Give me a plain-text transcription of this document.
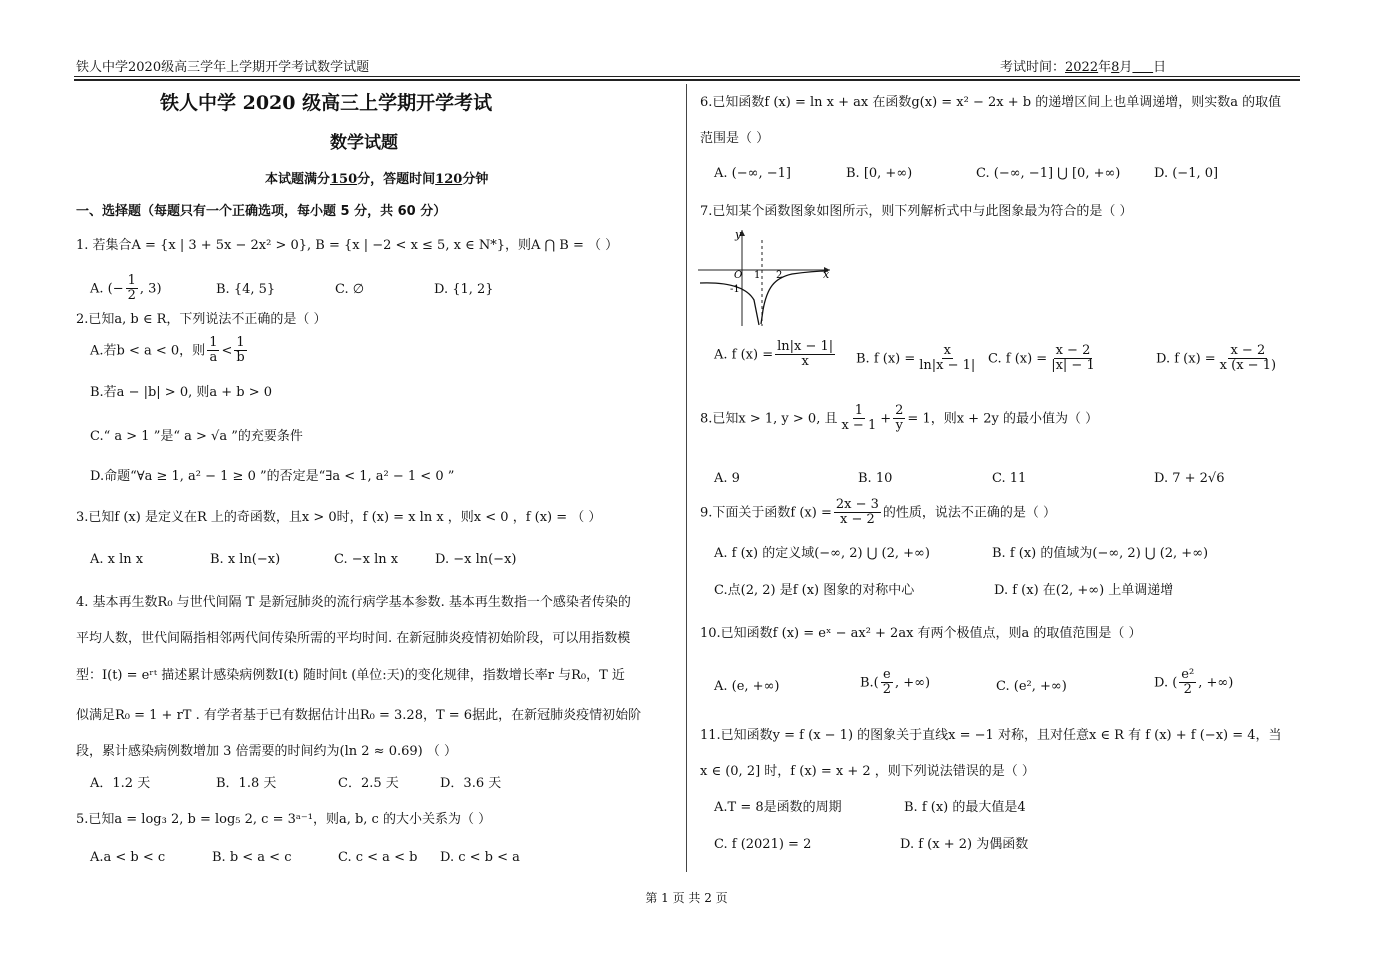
铁人中学2020级高三学年上学期开学考试数学试题	考试时间：2022年8月 日
铁人中学 2020 级高三上学期开学考试
数学试题
本试题满分150分，答题时间120分钟
一、选择题（每题只有一个正确选项，每小题 5 分，共 60 分）
1. 若集合A = {x | 3 + 5x − 2x² > 0}, B = {x | −2 < x ≤ 5, x ∈ N*}，则A ⋂ B = （ ）
A. (− $\frac{1}{2}$ , 3)	B. {4, 5}	C. ∅	D. {1, 2}
2.已知a, b ∈ R，下列说法不正确的是（ ）
A.若b < a < 0，则 $\frac{1}{a} < \frac{1}{b}$
B.若a − |b| > 0, 则a + b > 0
C.“ a > 1 ”是“ a > √a ”的充要条件
D.命题“∀a ≥ 1, a² − 1 ≥ 0 ”的否定是“∃a < 1, a² − 1 < 0 ”
3.已知f (x) 是定义在R 上的奇函数，且x > 0时，f (x) = x ln x ，则x < 0 ，f (x) = （ ）
A. x ln x	B. x ln(−x)	C. −x ln x	D. −x ln(−x)
4. 基本再生数R₀ 与世代间隔 T 是新冠肺炎的流行病学基本参数. 基本再生数指一个感染者传染的
平均人数，世代间隔指相邻两代间传染所需的平均时间. 在新冠肺炎疫情初始阶段，可以用指数模
型：I(t) = eʳᵗ 描述累计感染病例数I(t) 随时间t (单位:天)的变化规律，指数增长率r 与R₀，T 近
似满足R₀ = 1 + rT . 有学者基于已有数据估计出R₀ = 3.28，T = 6据此，在新冠肺炎疫情初始阶
段，累计感染病例数增加 3 倍需要的时间约为(ln 2 ≈ 0.69) （ ）
A．1.2 天	B．1.8 天	C．2.5 天	D．3.6 天
5.已知a = log₃ 2, b = log₅ 2, c = 3ᵃ⁻¹，则a, b, c 的大小关系为（ ）
A.a < b < c	B. b < a < c	C. c < a < b D. c < b < a
6.已知函数f (x) = ln x + ax 在函数g(x) = x² − 2x + b 的递增区间上也单调递增，则实数a 的取值
范围是（ ）
A. (−∞, −1]	B. [0, +∞)	C. (−∞, −1] ⋃ [0, +∞)	D. (−1, 0]
7.已知某个函数图象如图所示，则下列解析式中与此图象最为符合的是（ ）
y
x
O 1 2
-1
A. f $(x) = \frac{\ln|x - 1|}{x} B$. f $(x) = \frac{x}{\ln|x - 1|} C$. f $(x) = \frac{x - 2}{|x| - 1}$	D. f $(x) = \frac{x - 2}{x (x - 1)}$
8.已知x > 1, y > 0, 且 $\frac{1}{x - 1} + \frac{2}{y} = 1$，则x + 2y 的最小值为（ ）
A. 9	B. 10	C. 11	D. 7 + 2√6
9.下面关于函数f $(x) = \frac{2x - 3}{x - 2}$ 的性质，说法不正确的是（ ）
A. f (x) 的定义域(−∞, 2) ⋃ (2, +∞)	B. f (x) 的值域为(−∞, 2) ⋃ (2, +∞)
C.点(2, 2) 是f (x) 图象的对称中心	D. f (x) 在(2, +∞) 上单调递增
10.已知函数f (x) = eˣ − ax² + 2ax 有两个极值点，则a 的取值范围是（ ）
A. (e, +∞)	$B.( \frac{e}{2}$ , +∞)	C. (e², +∞)	D. ( $\frac{\text{e²}}{2}$ , +∞)
11.已知函数y = f (x − 1) 的图象关于直线x = −1 对称，且对任意x ∈ R 有 f (x) + f (−x) = 4，当
x ∈ (0, 2] 时，f (x) = x + 2 ，则下列说法错误的是（ ）
A.T = 8是函数的周期	B. f (x) 的最大值是4
C. f (2021) = 2	D. f (x + 2) 为偶函数
第 1 页 共 2 页
